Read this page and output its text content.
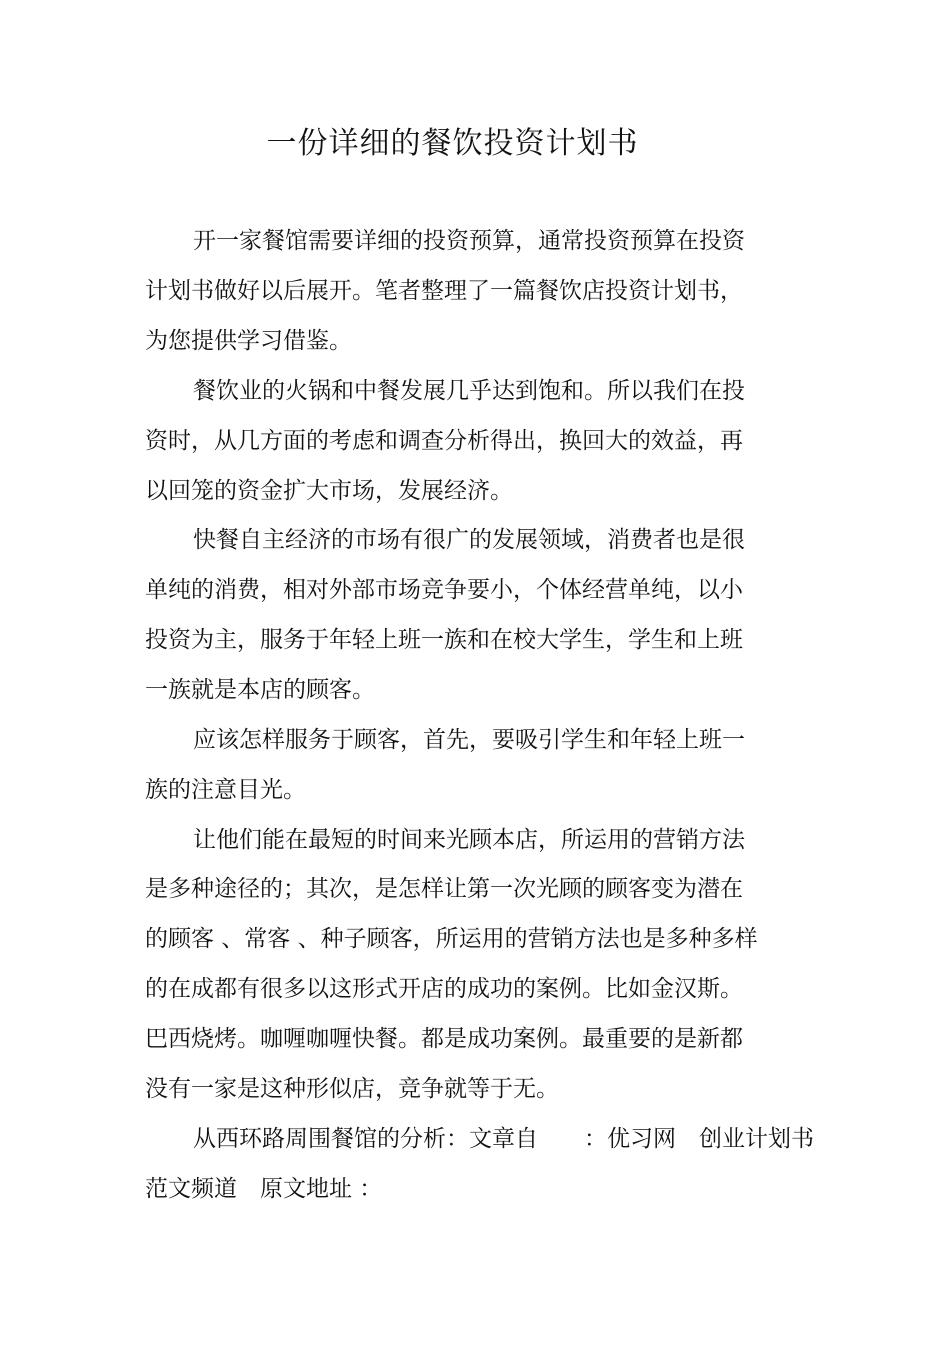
一份详细的餐饮投资计划书
开一家餐馆需要详细的投资预算，通常投资预算在投资
计划书做好以后展开。笔者整理了一篇餐饮店投资计划书，
为您提供学习借鉴。
餐饮业的火锅和中餐发展几乎达到饱和。所以我们在投
资时，从几方面的考虑和调查分析得出，换回大的效益，再
以回笼的资金扩大市场，发展经济。
快餐自主经济的市场有很广的发展领域，消费者也是很
单纯的消费，相对外部市场竞争要小，个体经营单纯，以小
投资为主，服务于年轻上班一族和在校大学生，学生和上班
一族就是本店的顾客。
应该怎样服务于顾客，首先，要吸引学生和年轻上班一
族的注意目光。
让他们能在最短的时间来光顾本店，所运用的营销方法
是多种途径的；其次，是怎样让第一次光顾的顾客变为潜在
的顾客 、常客 、种子顾客，所运用的营销方法也是多种多样
的在成都有很多以这形式开店的成功的案例。比如金汉斯。
巴西烧烤。咖喱咖喱快餐。都是成功案例。最重要的是新都
没有一家是这种形似店，竞争就等于无。
从西环路周围餐馆的分析：文章自　　：优习网　创业计划书
范文频道　原文地址 ：
